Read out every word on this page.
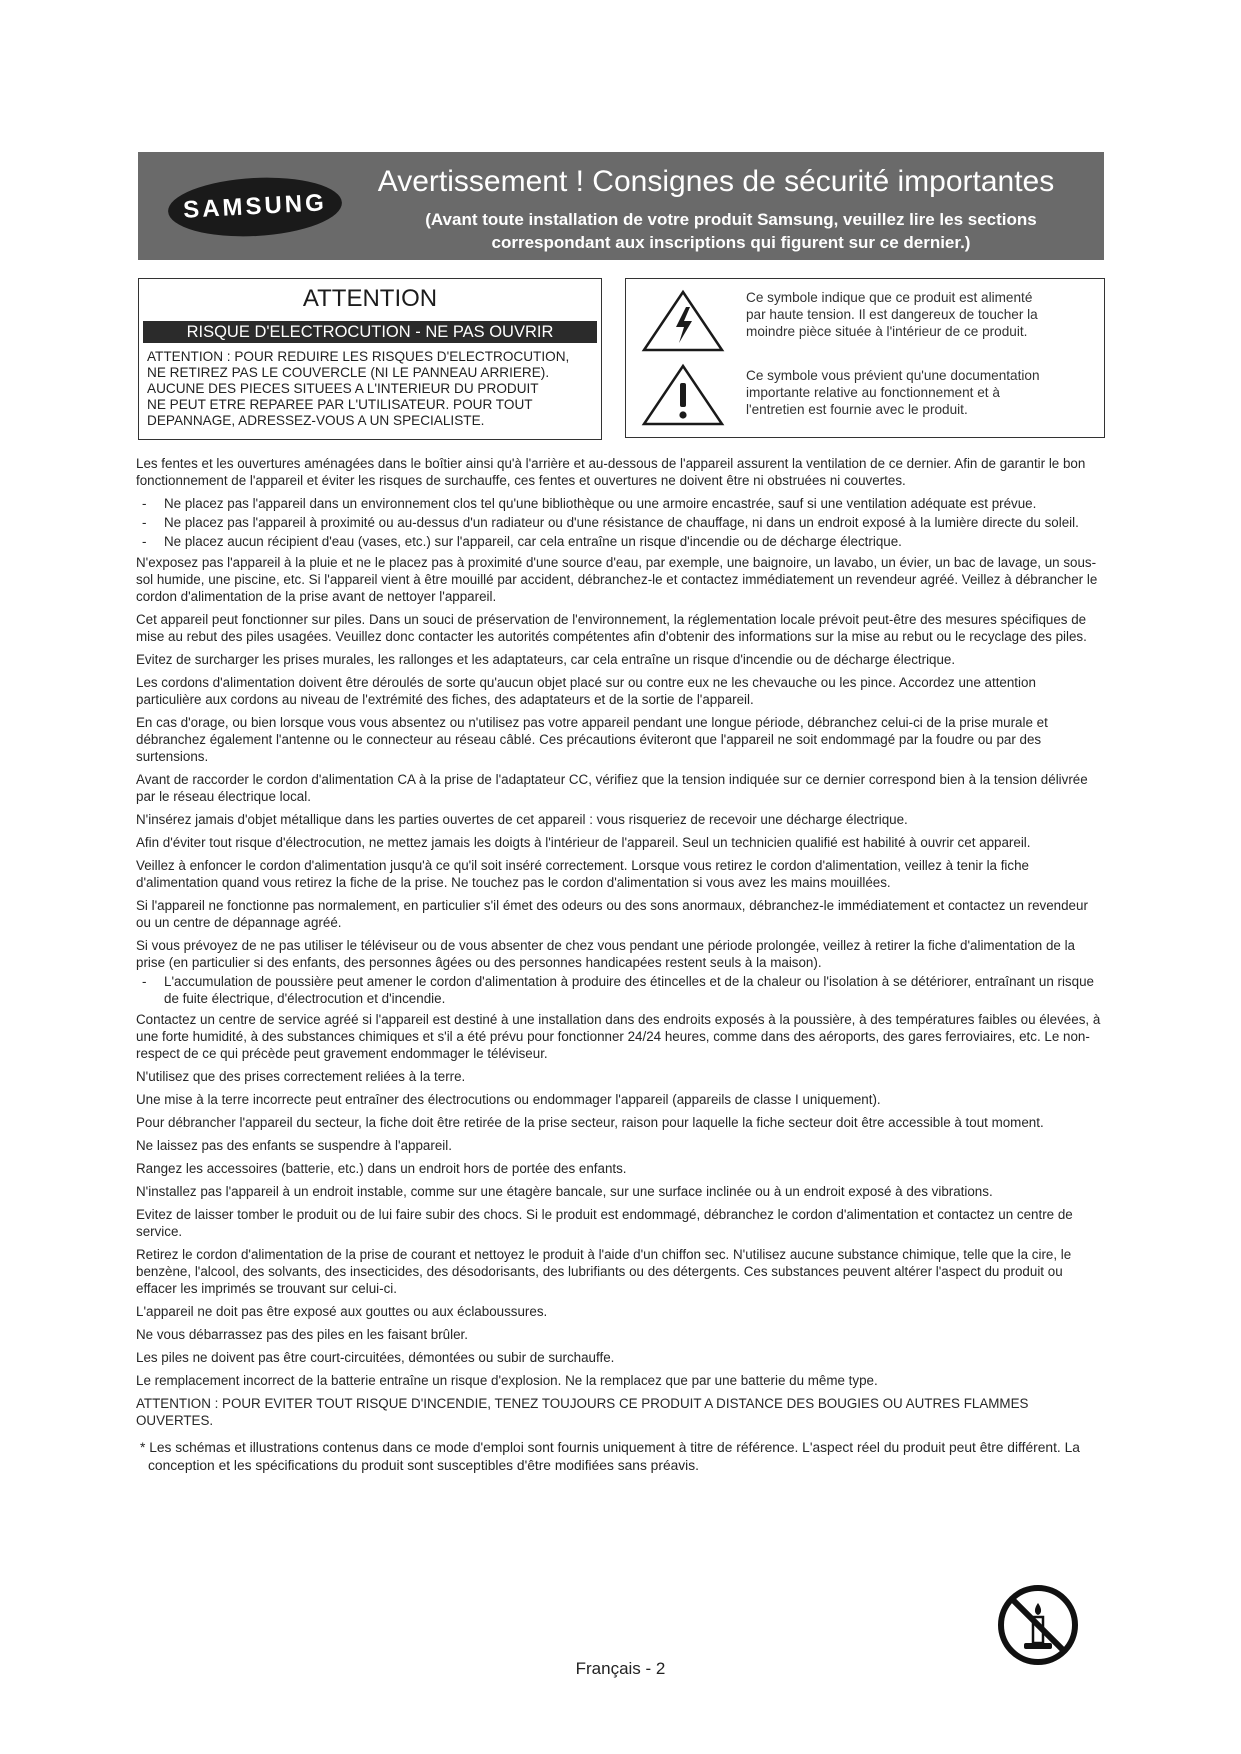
SAMSUNG
Avertissement ! Consignes de sécurité importantes
(Avant toute installation de votre produit Samsung, veuillez lire les sections
correspondant aux inscriptions qui figurent sur ce dernier.)
ATTENTION
RISQUE D'ELECTROCUTION - NE PAS OUVRIR
ATTENTION : POUR REDUIRE LES RISQUES D'ELECTROCUTION,
NE RETIREZ PAS LE COUVERCLE (NI LE PANNEAU ARRIERE).
AUCUNE DES PIECES SITUEES A L'INTERIEUR DU PRODUIT
NE PEUT ETRE REPAREE PAR L'UTILISATEUR. POUR TOUT
DEPANNAGE, ADRESSEZ-VOUS A UN SPECIALISTE.
Ce symbole indique que ce produit est alimenté
par haute tension. Il est dangereux de toucher la
moindre pièce située à l'intérieur de ce produit.
Ce symbole vous prévient qu'une documentation
importante relative au fonctionnement et à
l'entretien est fournie avec le produit.

Les fentes et les ouvertures aménagées dans le boîtier ainsi qu'à l'arrière et au-dessous de l'appareil assurent la ventilation de ce dernier. Afin de garantir le bon fonctionnement de l'appareil et éviter les risques de surchauffe, ces fentes et ouvertures ne doivent être ni obstruées ni couvertes.

- Ne placez pas l'appareil dans un environnement clos tel qu'une bibliothèque ou une armoire encastrée, sauf si une ventilation adéquate est prévue.
- Ne placez pas l'appareil à proximité ou au-dessus d'un radiateur ou d'une résistance de chauffage, ni dans un endroit exposé à la lumière directe du soleil.
- Ne placez aucun récipient d'eau (vases, etc.) sur l'appareil, car cela entraîne un risque d'incendie ou de décharge électrique.

N'exposez pas l'appareil à la pluie et ne le placez pas à proximité d'une source d'eau, par exemple, une baignoire, un lavabo, un évier, un bac de lavage, un sous-sol humide, une piscine, etc. Si l'appareil vient à être mouillé par accident, débranchez-le et contactez immédiatement un revendeur agréé. Veillez à débrancher le cordon d'alimentation de la prise avant de nettoyer l'appareil.

Cet appareil peut fonctionner sur piles. Dans un souci de préservation de l'environnement, la réglementation locale prévoit peut-être des mesures spécifiques de mise au rebut des piles usagées. Veuillez donc contacter les autorités compétentes afin d'obtenir des informations sur la mise au rebut ou le recyclage des piles.

Evitez de surcharger les prises murales, les rallonges et les adaptateurs, car cela entraîne un risque d'incendie ou de décharge électrique.

Les cordons d'alimentation doivent être déroulés de sorte qu'aucun objet placé sur ou contre eux ne les chevauche ou les pince. Accordez une attention particulière aux cordons au niveau de l'extrémité des fiches, des adaptateurs et de la sortie de l'appareil.

En cas d'orage, ou bien lorsque vous vous absentez ou n'utilisez pas votre appareil pendant une longue période, débranchez celui-ci de la prise murale et débranchez également l'antenne ou le connecteur au réseau câblé. Ces précautions éviteront que l'appareil ne soit endommagé par la foudre ou par des surtensions.

Avant de raccorder le cordon d'alimentation CA à la prise de l'adaptateur CC, vérifiez que la tension indiquée sur ce dernier correspond bien à la tension délivrée par le réseau électrique local.

N'insérez jamais d'objet métallique dans les parties ouvertes de cet appareil : vous risqueriez de recevoir une décharge électrique.

Afin d'éviter tout risque d'électrocution, ne mettez jamais les doigts à l'intérieur de l'appareil. Seul un technicien qualifié est habilité à ouvrir cet appareil.

Veillez à enfoncer le cordon d'alimentation jusqu'à ce qu'il soit inséré correctement. Lorsque vous retirez le cordon d'alimentation, veillez à tenir la fiche d'alimentation quand vous retirez la fiche de la prise. Ne touchez pas le cordon d'alimentation si vous avez les mains mouillées.

Si l'appareil ne fonctionne pas normalement, en particulier s'il émet des odeurs ou des sons anormaux, débranchez-le immédiatement et contactez un revendeur ou un centre de dépannage agréé.

Si vous prévoyez de ne pas utiliser le téléviseur ou de vous absenter de chez vous pendant une période prolongée, veillez à retirer la fiche d'alimentation de la prise (en particulier si des enfants, des personnes âgées ou des personnes handicapées restent seuls à la maison).

- L'accumulation de poussière peut amener le cordon d'alimentation à produire des étincelles et de la chaleur ou l'isolation à se détériorer, entraînant un risque de fuite électrique, d'électrocution et d'incendie.

Contactez un centre de service agréé si l'appareil est destiné à une installation dans des endroits exposés à la poussière, à des températures faibles ou élevées, à une forte humidité, à des substances chimiques et s'il a été prévu pour fonctionner 24/24 heures, comme dans des aéroports, des gares ferroviaires, etc. Le non-respect de ce qui précède peut gravement endommager le téléviseur.

N'utilisez que des prises correctement reliées à la terre.

Une mise à la terre incorrecte peut entraîner des électrocutions ou endommager l'appareil (appareils de classe I uniquement).

Pour débrancher l'appareil du secteur, la fiche doit être retirée de la prise secteur, raison pour laquelle la fiche secteur doit être accessible à tout moment.

Ne laissez pas des enfants se suspendre à l'appareil.

Rangez les accessoires (batterie, etc.) dans un endroit hors de portée des enfants.

N'installez pas l'appareil à un endroit instable, comme sur une étagère bancale, sur une surface inclinée ou à un endroit exposé à des vibrations.

Evitez de laisser tomber le produit ou de lui faire subir des chocs. Si le produit est endommagé, débranchez le cordon d'alimentation et contactez un centre de service.

Retirez le cordon d'alimentation de la prise de courant et nettoyez le produit à l'aide d'un chiffon sec. N'utilisez aucune substance chimique, telle que la cire, le benzène, l'alcool, des solvants, des insecticides, des désodorisants, des lubrifiants ou des détergents. Ces substances peuvent altérer l'aspect du produit ou effacer les imprimés se trouvant sur celui-ci.

L'appareil ne doit pas être exposé aux gouttes ou aux éclaboussures.

Ne vous débarrassez pas des piles en les faisant brûler.

Les piles ne doivent pas être court-circuitées, démontées ou subir de surchauffe.

Le remplacement incorrect de la batterie entraîne un risque d'explosion. Ne la remplacez que par une batterie du même type.

ATTENTION : POUR EVITER TOUT RISQUE D'INCENDIE, TENEZ TOUJOURS CE PRODUIT A DISTANCE DES BOUGIES OU AUTRES FLAMMES OUVERTES.

* Les schémas et illustrations contenus dans ce mode d'emploi sont fournis uniquement à titre de référence. L'aspect réel du produit peut être différent. La conception et les spécifications du produit sont susceptibles d'être modifiées sans préavis.

Français - 2
